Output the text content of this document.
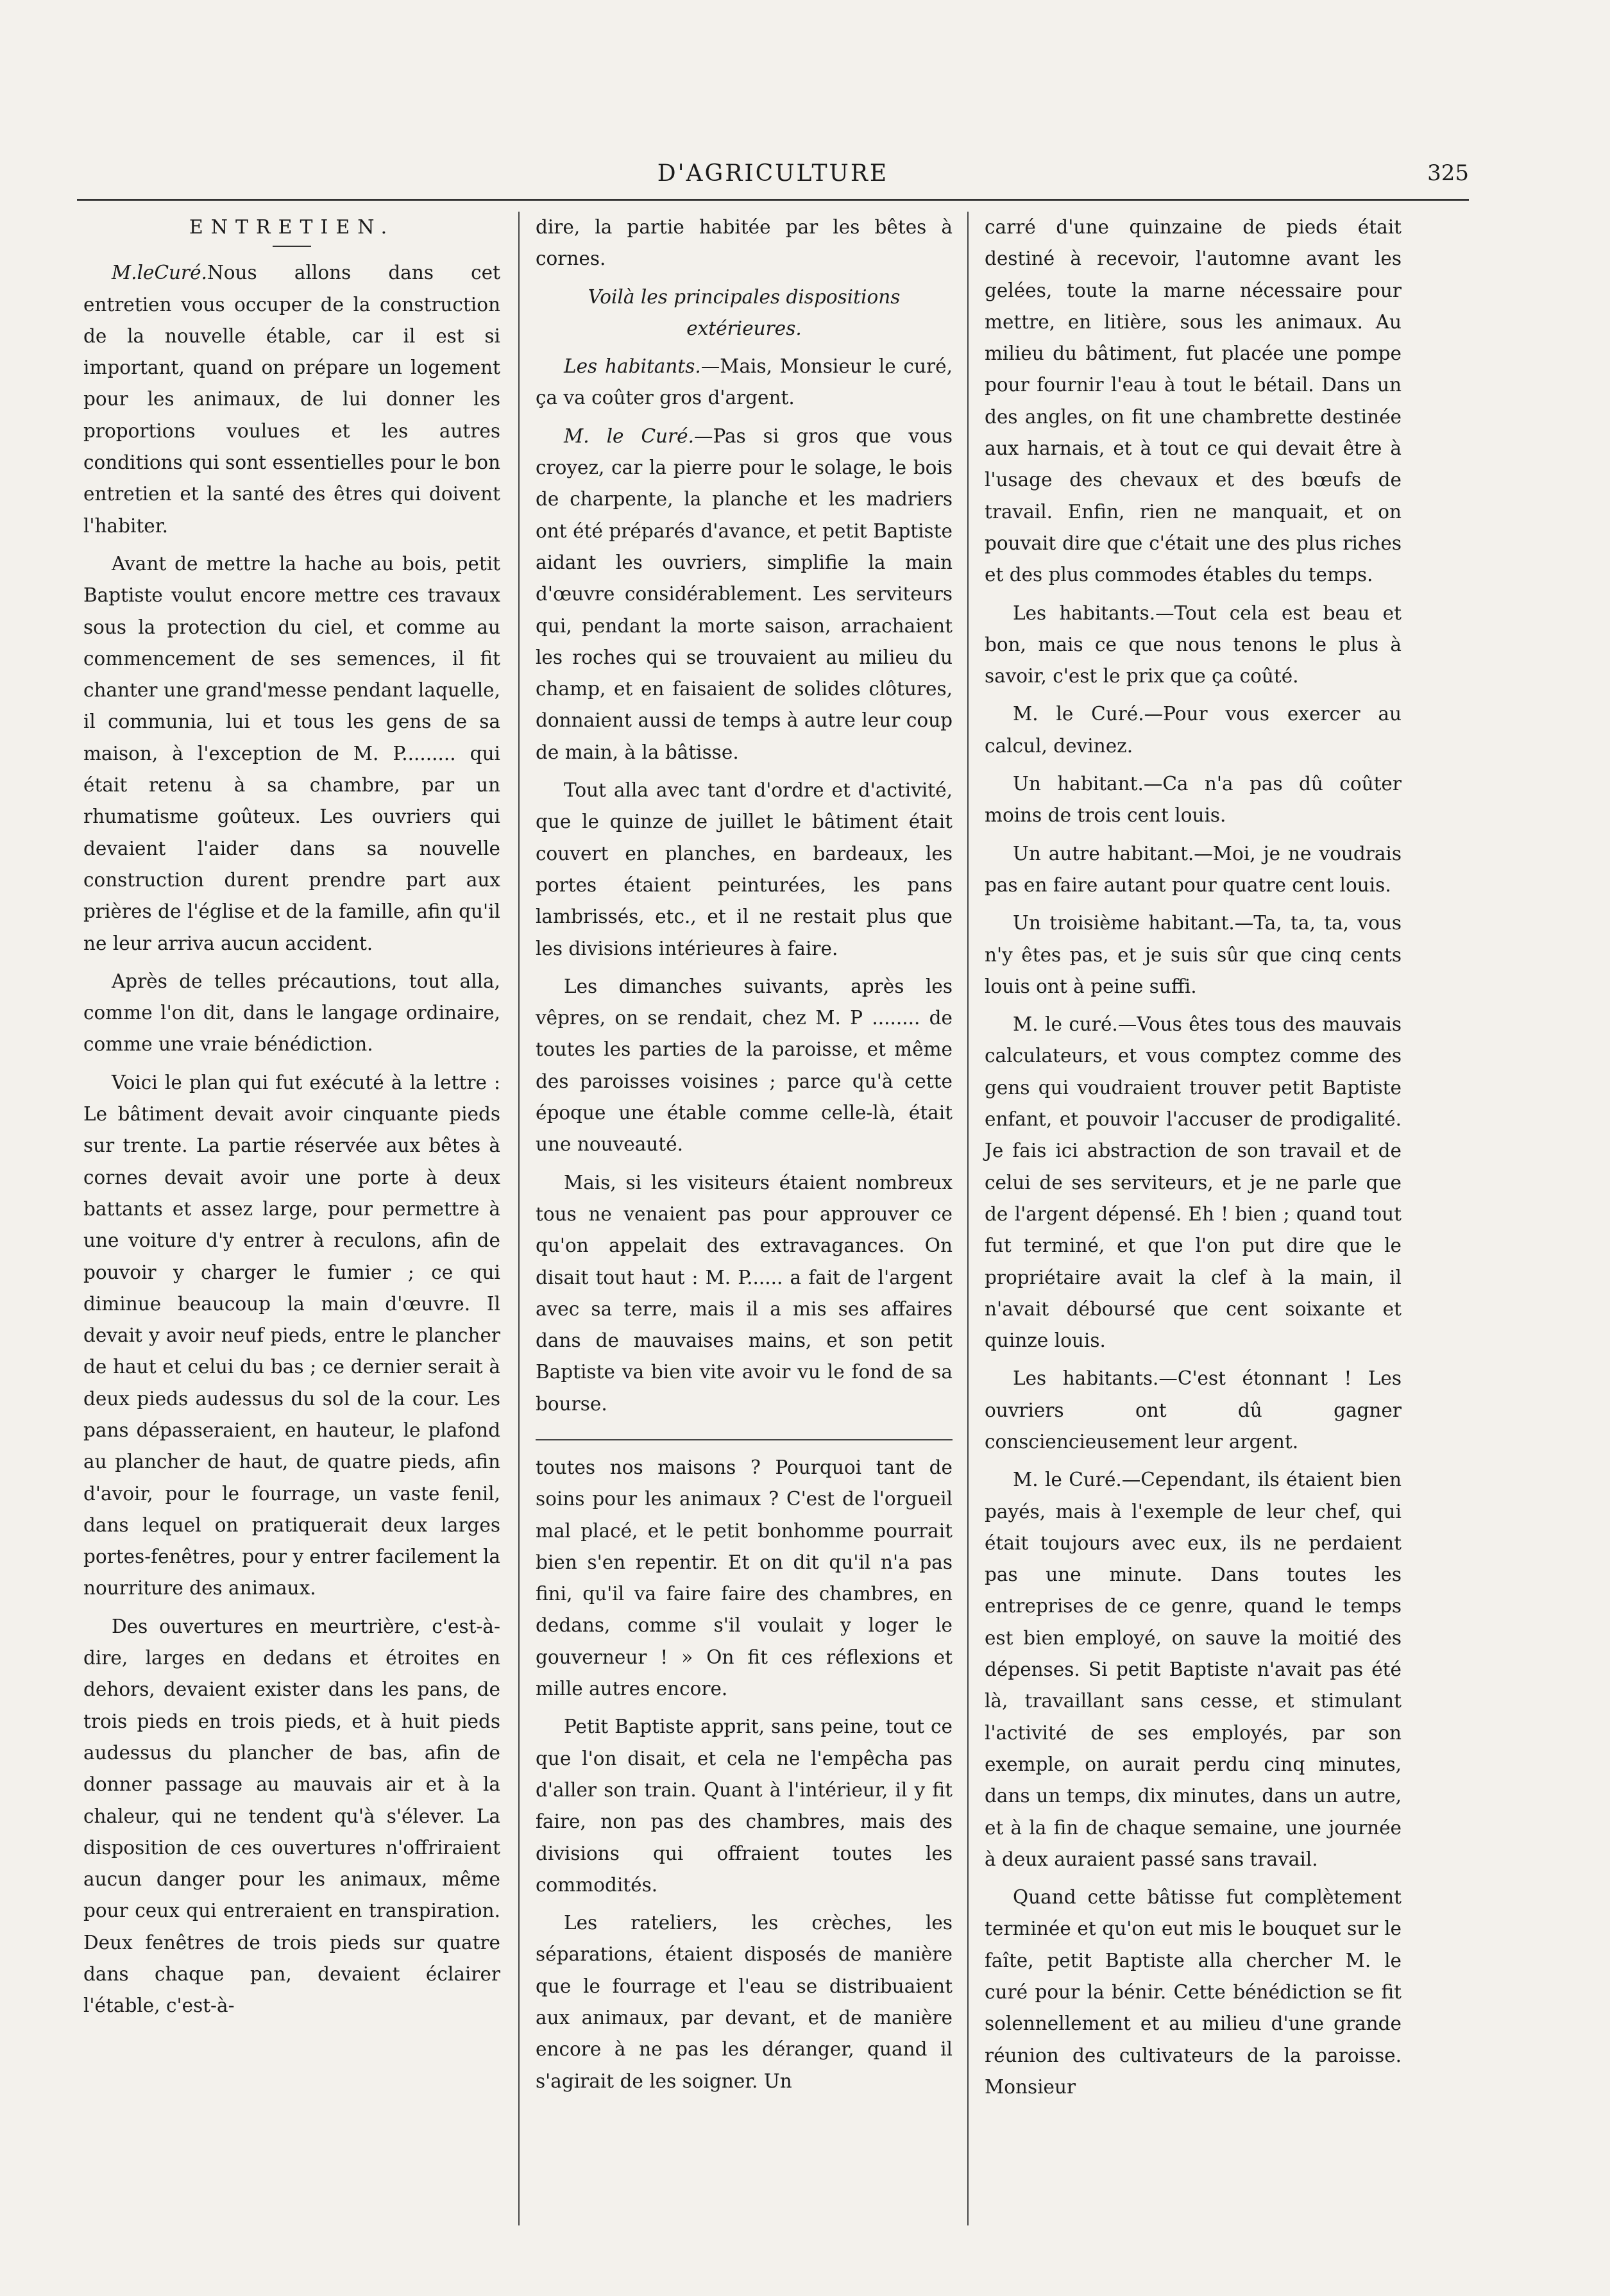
D'AGRICULTURE	325
ENTRETIEN.

M.leCuré.Nous allons dans cet entretien vous occuper de la construction de la nouvelle étable, car il est si important, quand on prépare un logement pour les animaux, de lui donner les proportions voulues et les autres conditions qui sont essentielles pour le bon entretien et la santé des êtres qui doivent l'habiter.

Avant de mettre la hache au bois, petit Baptiste voulut encore mettre ces travaux sous la protection du ciel, et comme au commencement de ses semences, il fit chanter une grand'messe pendant laquelle, il communia, lui et tous les gens de sa maison, à l'exception de M. P......... qui était retenu à sa chambre, par un rhumatisme goûteux. Les ouvriers qui devaient l'aider dans sa nouvelle construction durent prendre part aux prières de l'église et de la famille, afin qu'il ne leur arriva aucun accident.

Après de telles précautions, tout alla, comme l'on dit, dans le langage ordinaire, comme une vraie bénédiction.

Voici le plan qui fut exécuté à la lettre : Le bâtiment devait avoir cinquante pieds sur trente. La partie réservée aux bêtes à cornes devait avoir une porte à deux battants et assez large, pour permettre à une voiture d'y entrer à reculons, afin de pouvoir y charger le fumier ; ce qui diminue beaucoup la main d'œuvre. Il devait y avoir neuf pieds, entre le plancher de haut et celui du bas ; ce dernier serait à deux pieds audessus du sol de la cour. Les pans dépasseraient, en hauteur, le plafond au plancher de haut, de quatre pieds, afin d'avoir, pour le fourrage, un vaste fenil, dans lequel on pratiquerait deux larges portes-fenêtres, pour y entrer facilement la nourriture des animaux.

Des ouvertures en meurtrière, c'est-à-dire, larges en dedans et étroites en dehors, devaient exister dans les pans, de trois pieds en trois pieds, et à huit pieds audessus du plancher de bas, afin de donner passage au mauvais air et à la chaleur, qui ne tendent qu'à s'élever. La disposition de ces ouvertures n'offriraient aucun danger pour les animaux, même pour ceux qui entreraient en transpiration. Deux fenêtres de trois pieds sur quatre dans chaque pan, devaient éclairer l'étable, c'est-à-

dire, la partie habitée par les bêtes à cornes.

Voilà les principales dispositions extérieures.

Les habitants.—Mais, Monsieur le curé, ça va coûter gros d'argent.

M. le Curé.—Pas si gros que vous croyez, car la pierre pour le solage, le bois de charpente, la planche et les madriers ont été préparés d'avance, et petit Baptiste aidant les ouvriers, simplifie la main d'œuvre considérablement. Les serviteurs qui, pendant la morte saison, arrachaient les roches qui se trouvaient au milieu du champ, et en faisaient de solides clôtures, donnaient aussi de temps à autre leur coup de main, à la bâtisse.

Tout alla avec tant d'ordre et d'activité, que le quinze de juillet le bâtiment était couvert en planches, en bardeaux, les portes étaient peinturées, les pans lambrissés, etc., et il ne restait plus que les divisions intérieures à faire.

Les dimanches suivants, après les vêpres, on se rendait, chez M. P ........ de toutes les parties de la paroisse, et même des paroisses voisines ; parce qu'à cette époque une étable comme celle-là, était une nouveauté.

Mais, si les visiteurs étaient nombreux tous ne venaient pas pour approuver ce qu'on appelait des extravagances. On disait tout haut : M. P...... a fait de l'argent avec sa terre, mais il a mis ses affaires dans de mauvaises mains, et son petit Baptiste va bien vite avoir vu le fond de sa bourse.

toutes nos maisons ? Pourquoi tant de soins pour les animaux ? C'est de l'orgueil mal placé, et le petit bonhomme pourrait bien s'en repentir. Et on dit qu'il n'a pas fini, qu'il va faire faire des chambres, en dedans, comme s'il voulait y loger le gouverneur ! » On fit ces réflexions et mille autres encore.

Petit Baptiste apprit, sans peine, tout ce que l'on disait, et cela ne l'empêcha pas d'aller son train. Quant à l'intérieur, il y fit faire, non pas des chambres, mais des divisions qui offraient toutes les commodités.

Les rateliers, les crèches, les séparations, étaient disposés de manière que le fourrage et l'eau se distribuaient aux animaux, par devant, et de manière encore à ne pas les déranger, quand il s'agirait de les soigner. Un

carré d'une quinzaine de pieds était destiné à recevoir, l'automne avant les gelées, toute la marne nécessaire pour mettre, en litière, sous les animaux. Au milieu du bâtiment, fut placée une pompe pour fournir l'eau à tout le bétail. Dans un des angles, on fit une chambrette destinée aux harnais, et à tout ce qui devait être à l'usage des chevaux et des bœufs de travail. Enfin, rien ne manquait, et on pouvait dire que c'était une des plus riches et des plus commodes étables du temps.

Les habitants.—Tout cela est beau et bon, mais ce que nous tenons le plus à savoir, c'est le prix que ça coûté.

M. le Curé.—Pour vous exercer au calcul, devinez.

Un habitant.—Ca n'a pas dû coûter moins de trois cent louis.

Un autre habitant.—Moi, je ne voudrais pas en faire autant pour quatre cent louis.

Un troisième habitant.—Ta, ta, ta, vous n'y êtes pas, et je suis sûr que cinq cents louis ont à peine suffi.

M. le curé.—Vous êtes tous des mauvais calculateurs, et vous comptez comme des gens qui voudraient trouver petit Baptiste enfant, et pouvoir l'accuser de prodigalité. Je fais ici abstraction de son travail et de celui de ses serviteurs, et je ne parle que de l'argent dépensé. Eh ! bien ; quand tout fut terminé, et que l'on put dire que le propriétaire avait la clef à la main, il n'avait déboursé que cent soixante et quinze louis.

Les habitants.—C'est étonnant ! Les ouvriers ont dû gagner consciencieusement leur argent.

M. le Curé.—Cependant, ils étaient bien payés, mais à l'exemple de leur chef, qui était toujours avec eux, ils ne perdaient pas une minute. Dans toutes les entreprises de ce genre, quand le temps est bien employé, on sauve la moitié des dépenses. Si petit Baptiste n'avait pas été là, travaillant sans cesse, et stimulant l'activité de ses employés, par son exemple, on aurait perdu cinq minutes, dans un temps, dix minutes, dans un autre, et à la fin de chaque semaine, une journée à deux auraient passé sans travail.

Quand cette bâtisse fut complètement terminée et qu'on eut mis le bouquet sur le faîte, petit Baptiste alla chercher M. le curé pour la bénir. Cette bénédiction se fit solennellement et au milieu d'une grande réunion des cultivateurs de la paroisse. Monsieur
